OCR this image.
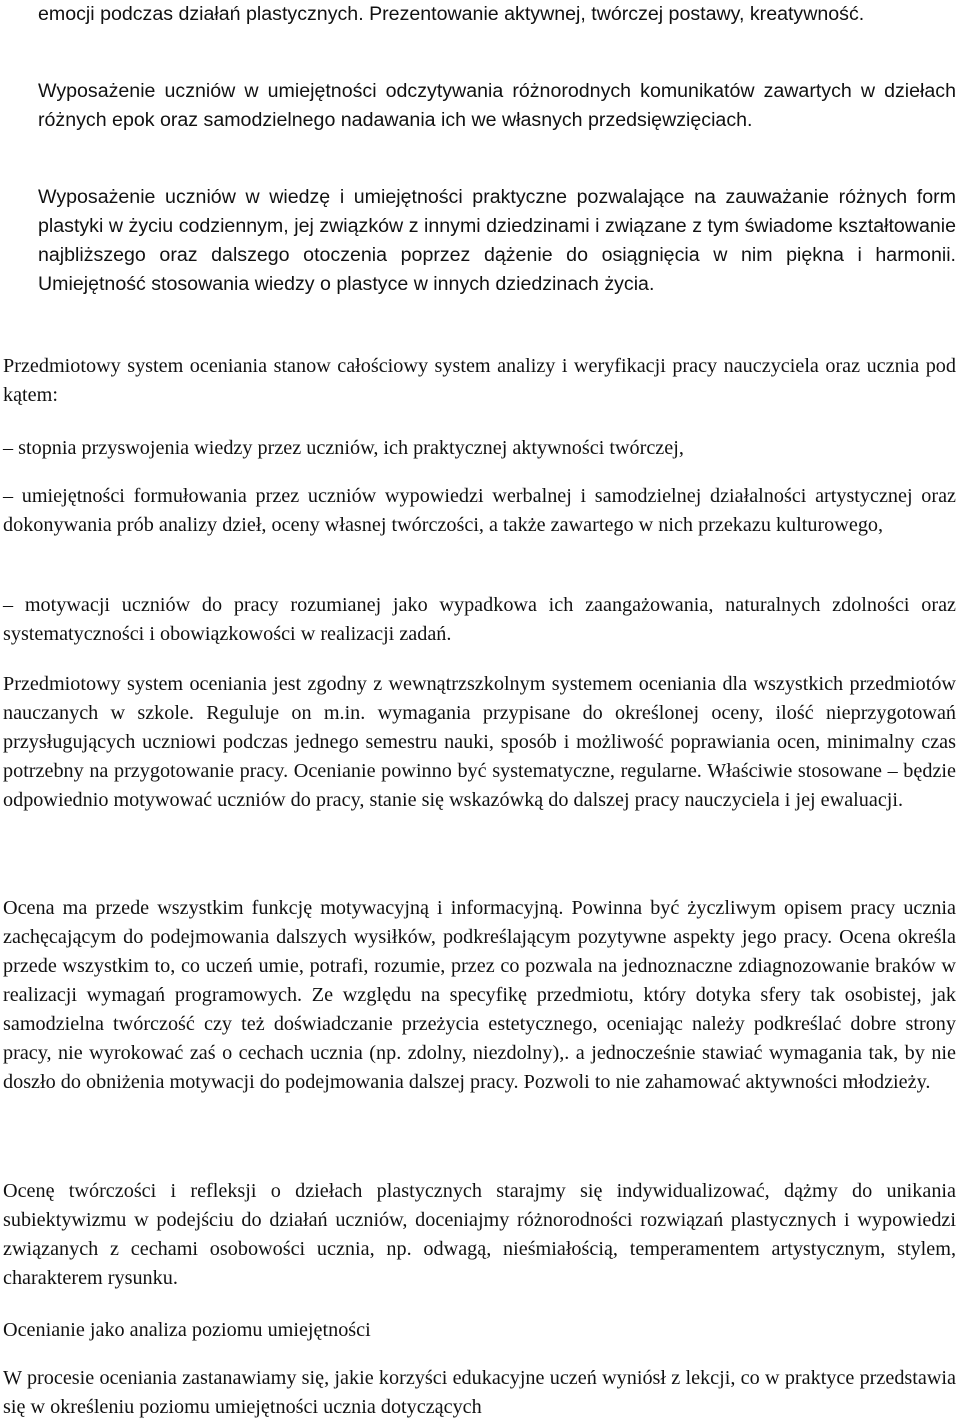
emocji podczas działań plastycznych. Prezentowanie aktywnej, twórczej postawy, kreatywność.

Wyposażenie uczniów w umiejętności odczytywania różnorodnych komunikatów zawartych w dziełach różnych epok oraz samodzielnego nadawania ich we własnych przedsięwzięciach.

Wyposażenie uczniów w wiedzę i umiejętności praktyczne pozwalające na zauważanie różnych form plastyki w życiu codziennym, jej związków z innymi dziedzinami i związane z tym świadome kształtowanie najbliższego oraz dalszego otoczenia poprzez dążenie do osiągnięcia w nim piękna i harmonii. Umiejętność stosowania wiedzy o plastyce w innych dziedzinach życia.

Przedmiotowy system oceniania stanow całościowy system analizy i weryfikacji pracy nauczyciela oraz ucznia pod kątem:

– stopnia przyswojenia wiedzy przez uczniów, ich praktycznej aktywności twórczej,

– umiejętności formułowania przez uczniów wypowiedzi werbalnej i samodzielnej działalności artystycznej oraz dokonywania prób analizy dzieł, oceny własnej twórczości, a także zawartego w nich przekazu kulturowego,

– motywacji uczniów do pracy rozumianej jako wypadkowa ich zaangażowania, naturalnych zdolności oraz systematyczności i obowiązkowości w realizacji zadań.

Przedmiotowy system oceniania jest zgodny z wewnątrzszkolnym systemem oceniania dla wszystkich przedmiotów nauczanych w szkole. Reguluje on m.in. wymagania przypisane do określonej oceny, ilość nieprzygotowań przysługujących uczniowi podczas jednego semestru nauki, sposób i możliwość poprawiania ocen, minimalny czas potrzebny na przygotowanie pracy. Ocenianie powinno być systematyczne, regularne. Właściwie stosowane – będzie odpowiednio motywować uczniów do pracy, stanie się wskazówką do dalszej pracy nauczyciela i jej ewaluacji.

Ocena ma przede wszystkim funkcję motywacyjną i informacyjną. Powinna być życzliwym opisem pracy ucznia zachęcającym do podejmowania dalszych wysiłków, podkreślającym pozytywne aspekty jego pracy. Ocena określa przede wszystkim to, co uczeń umie, potrafi, rozumie, przez co pozwala na jednoznaczne zdiagnozowanie braków w realizacji wymagań programowych. Ze względu na specyfikę przedmiotu, który dotyka sfery tak osobistej, jak samodzielna twórczość czy też doświadczanie przeżycia estetycznego, oceniając należy podkreślać dobre strony pracy, nie wyrokować zaś o cechach ucznia (np. zdolny, niezdolny),. a jednocześnie stawiać wymagania tak, by nie doszło do obniżenia motywacji do podejmowania dalszej pracy. Pozwoli to nie zahamować aktywności młodzieży.

Ocenę twórczości i refleksji o dziełach plastycznych starajmy się indywidualizować, dążmy do unikania subiektywizmu w podejściu do działań uczniów, doceniajmy różnorodności rozwiązań plastycznych i wypowiedzi związanych z cechami osobowości ucznia, np. odwagą, nieśmiałością, temperamentem artystycznym, stylem, charakterem rysunku.

Ocenianie jako analiza poziomu umiejętności

W procesie oceniania zastanawiamy się, jakie korzyści edukacyjne uczeń wyniósł z lekcji, co w praktyce przedstawia się w określeniu poziomu umiejętności ucznia dotyczących
